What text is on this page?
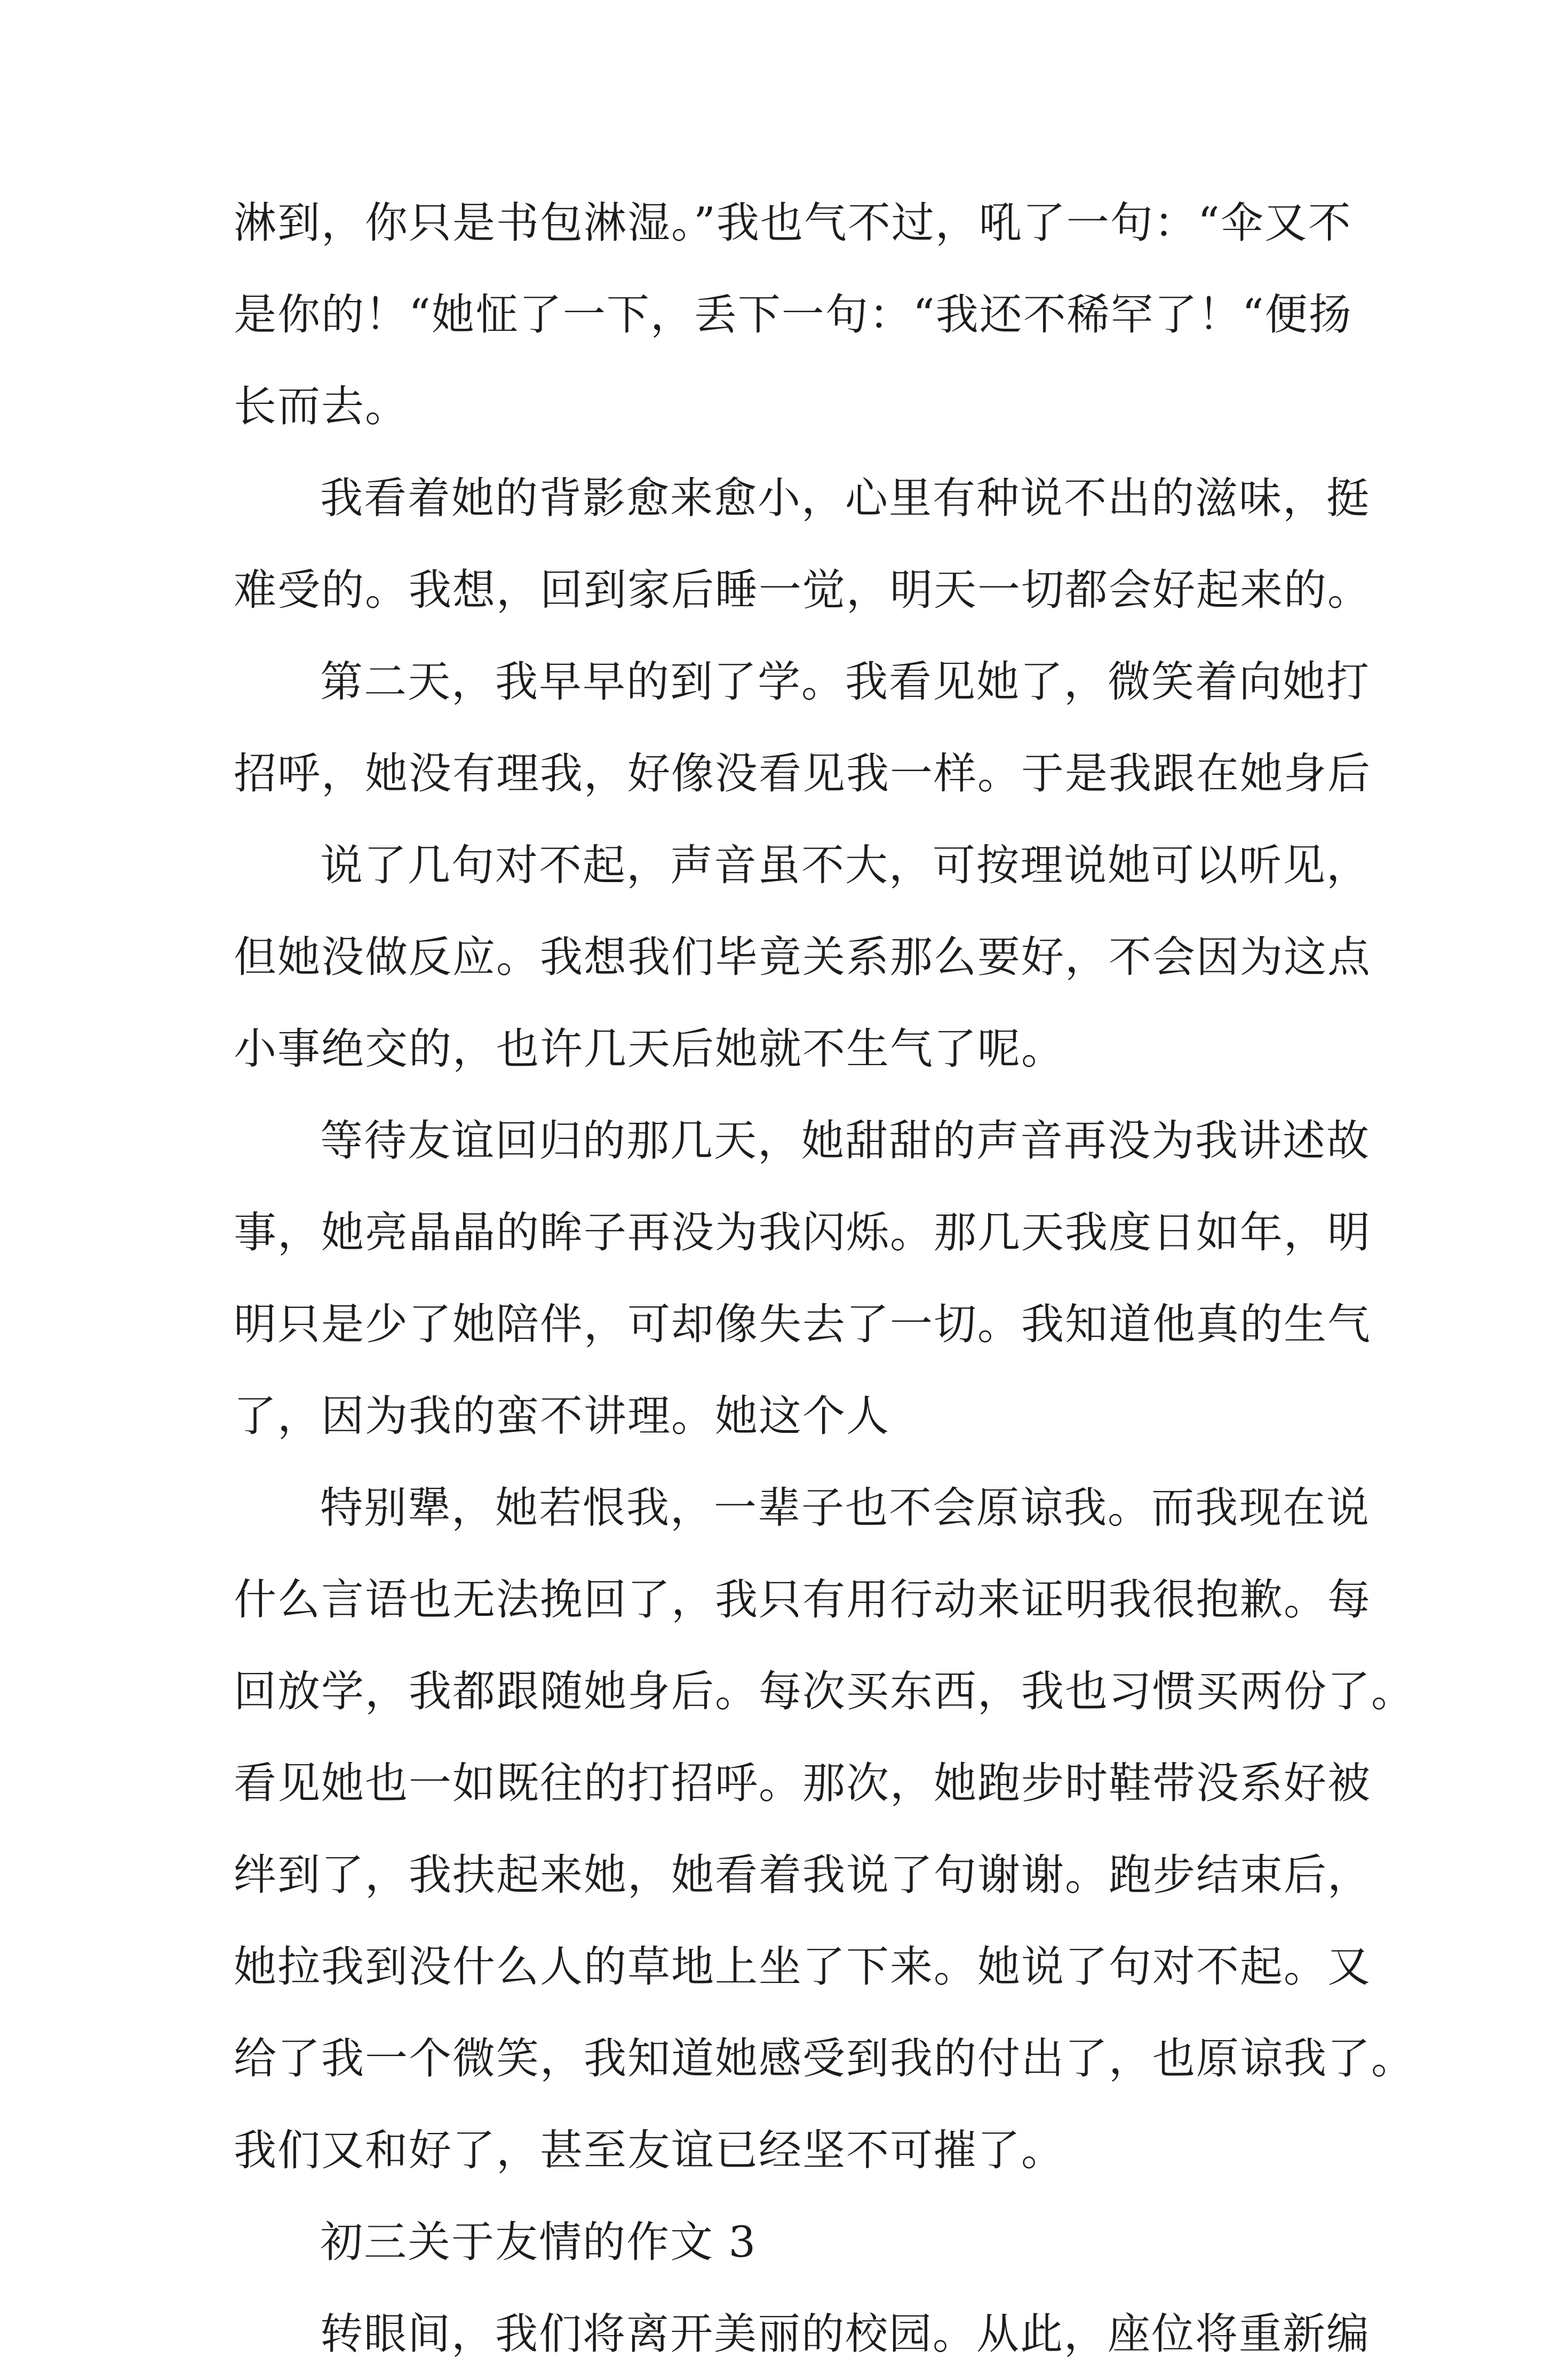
淋到，你只是书包淋湿。”我也气不过，吼了一句：“伞又不
是你的！“她怔了一下，丢下一句：“我还不稀罕了！“便扬
长而去。
我看着她的背影愈来愈小，心里有种说不出的滋味，挺
难受的。我想，回到家后睡一觉，明天一切都会好起来的。
第二天，我早早的到了学。我看见她了，微笑着向她打
招呼，她没有理我，好像没看见我一样。于是我跟在她身后
说了几句对不起，声音虽不大，可按理说她可以听见，
但她没做反应。我想我们毕竟关系那么要好，不会因为这点
小事绝交的，也许几天后她就不生气了呢。
等待友谊回归的那几天，她甜甜的声音再没为我讲述故
事，她亮晶晶的眸子再没为我闪烁。那几天我度日如年，明
明只是少了她陪伴，可却像失去了一切。我知道他真的生气
了，因为我的蛮不讲理。她这个人
特别犟，她若恨我，一辈子也不会原谅我。而我现在说
什么言语也无法挽回了，我只有用行动来证明我很抱歉。每
回放学，我都跟随她身后。每次买东西，我也习惯买两份了。
看见她也一如既往的打招呼。那次，她跑步时鞋带没系好被
绊到了，我扶起来她，她看着我说了句谢谢。跑步结束后，
她拉我到没什么人的草地上坐了下来。她说了句对不起。又
给了我一个微笑，我知道她感受到我的付出了，也原谅我了。
我们又和好了，甚至友谊已经坚不可摧了。
初三关于友情的作文 3
转眼间，我们将离开美丽的校园。从此，座位将重新编
